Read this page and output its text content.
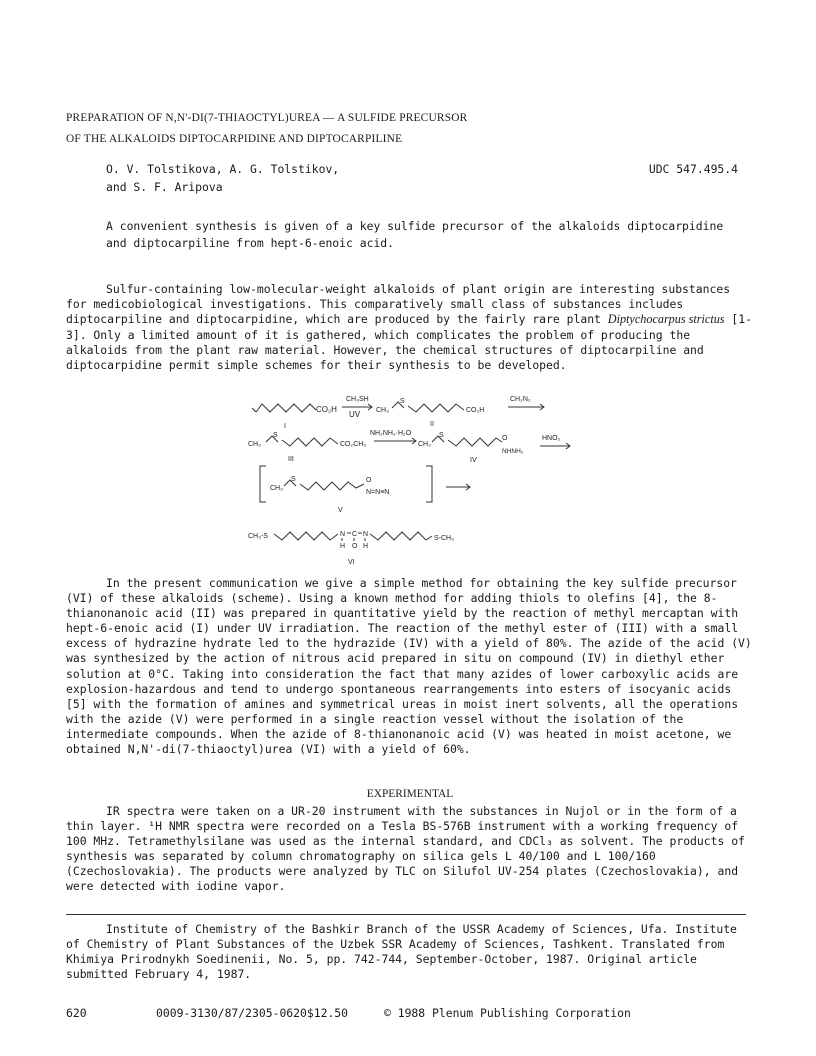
PREPARATION OF N,N'-DI(7-THIAOCTYL)UREA — A SULFIDE PRECURSOR
OF THE ALKALOIDS DIPTOCARPIDINE AND DIPTOCARPILINE
O. V. Tolstikova, A. G. Tolstikov,
and S. F. Aripova
UDC 547.495.4
A convenient synthesis is given of a key sulfide precursor of the alkaloids diptocarpidine and diptocarpiline from hept-6-enoic acid.
Sulfur-containing low-molecular-weight alkaloids of plant origin are interesting substances for medicobiological investigations. This comparatively small class of substances includes diptocarpiline and diptocarpidine, which are produced by the fairly rare plant Diptychocarpus strictus [1-3]. Only a limited amount of it is gathered, which complicates the problem of producing the alkaloids from the plant raw material. However, the chemical structures of diptocarpiline and diptocarpidine permit simple schemes for their synthesis to be developed.
CO₂H
I
CH₃SH
UV CH₃
S
CO₂H
II
CH₂N₂
CH₃
S
CO₂CH₃
III
NH₂NH₂·H₂O
CH₃
S	O
NHNH₂
IV
HNO₂
CH₃
S	O
N=N≡N
V
CH₃-S	N C N
H O H
S-CH₃
VI
In the present communication we give a simple method for obtaining the key sulfide precursor (VI) of these alkaloids (scheme). Using a known method for adding thiols to olefins [4], the 8-thianonanoic acid (II) was prepared in quantitative yield by the reaction of methyl mercaptan with hept-6-enoic acid (I) under UV irradiation. The reaction of the methyl ester of (III) with a small excess of hydrazine hydrate led to the hydrazide (IV) with a yield of 80%. The azide of the acid (V) was synthesized by the action of nitrous acid prepared in situ on compound (IV) in diethyl ether solution at 0°C. Taking into consideration the fact that many azides of lower carboxylic acids are explosion-hazardous and tend to undergo spontaneous rearrangements into esters of isocyanic acids [5] with the formation of amines and symmetrical ureas in moist inert solvents, all the operations with the azide (V) were performed in a single reaction vessel without the isolation of the intermediate compounds. When the azide of 8-thianonanoic acid (V) was heated in moist acetone, we obtained N,N'-di(7-thiaoctyl)urea (VI) with a yield of 60%.
EXPERIMENTAL
IR spectra were taken on a UR-20 instrument with the substances in Nujol or in the form of a thin layer. ¹H NMR spectra were recorded on a Tesla BS-576B instrument with a working frequency of 100 MHz. Tetramethylsilane was used as the internal standard, and CDCl₃ as solvent. The products of synthesis was separated by column chromatography on silica gels L 40/100 and L 100/160 (Czechoslovakia). The products were analyzed by TLC on Silufol UV-254 plates (Czechoslovakia), and were detected with iodine vapor.
Institute of Chemistry of the Bashkir Branch of the USSR Academy of Sciences, Ufa. Institute of Chemistry of Plant Substances of the Uzbek SSR Academy of Sciences, Tashkent. Translated from Khimiya Prirodnykh Soedinenii, No. 5, pp. 742-744, September-October, 1987. Original article submitted February 4, 1987.
620	0009-3130/87/2305-0620$12.50	© 1988 Plenum Publishing Corporation
